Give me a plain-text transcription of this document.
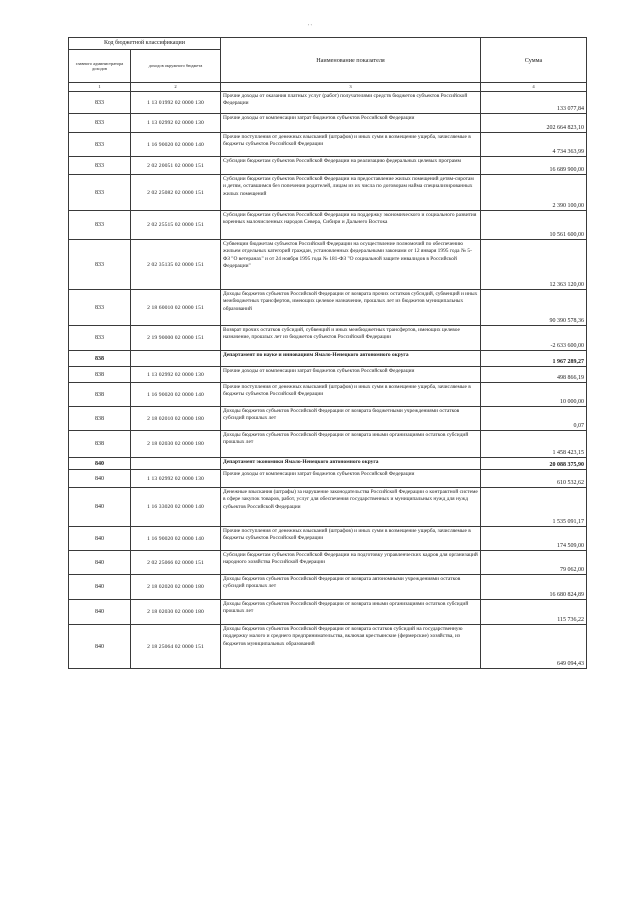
' '
Код бюджетной классификации		Наименование показателя	Сумма
главного администратора доходов	доходов окружного бюджета		
1	2	3	4
833	1 13 01992 02 0000 130	Прочие доходы от оказания платных услуг (работ) получателями средств бюджетов субъектов Российской Федерации	133 077,84
833	1 13 02992 02 0000 130	Прочие доходы от компенсации затрат бюджетов субъектов Российской Федерации	202 664 823,10
833	1 16 90020 02 0000 140	Прочие поступления от денежных взысканий (штрафов) и иных сумм в возмещение ущерба, зачисляемые в бюджеты субъектов Российской Федерации	4 734 363,99
833	2 02 20051 02 0000 151	Субсидии бюджетам субъектов Российской Федерации на реализацию федеральных целевых программ	16 689 900,00
833	2 02 25082 02 0000 151	Субсидии бюджетам субъектов Российской Федерации на предоставление жилых помещений детям-сиротам и детям, оставшимся без попечения родителей, лицам из их числа по договорам найма специализированных жилых помещений	2 390 100,00
833	2 02 25515 02 0000 151	Субсидии бюджетам субъектов Российской Федерации на поддержку экономического и социального развития коренных малочисленных народов Севера, Сибири и Дальнего Востока	10 561 600,00
833	2 02 35135 02 0000 151	Субвенции бюджетам субъектов Российской Федерации на осуществление полномочий по обеспечению жильем отдельных категорий граждан, установленных федеральными законами от 12 января 1995 года № 5-ФЗ "О ветеранах" и от 24 ноября 1995 года № 181-ФЗ "О социальной защите инвалидов в Российской Федерации"	12 363 120,00
833	2 18 60010 02 0000 151	Доходы бюджетов субъектов Российской Федерации от возврата прочих остатков субсидий, субвенций и иных межбюджетных трансфертов, имеющих целевое назначение, прошлых лет из бюджетов муниципальных образований	90 390 578,36
833	2 19 90000 02 0000 151	Возврат прочих остатков субсидий, субвенций и иных межбюджетных трансфертов, имеющих целевое назначение, прошлых лет из бюджетов субъектов Российской Федерации	-2 633 600,00
838		Департамент по науке и инновациям Ямало-Ненецкого автономного округа	1 967 289,27
838	1 13 02992 02 0000 130	Прочие доходы от компенсации затрат бюджетов субъектов Российской Федерации	498 866,19
838	1 16 90020 02 0000 140	Прочие поступления от денежных взысканий (штрафов) и иных сумм в возмещение ущерба, зачисляемые в бюджеты субъектов Российской Федерации	10 000,00
838	2 18 02010 02 0000 180	Доходы бюджетов субъектов Российской Федерации от возврата бюджетными учреждениями остатков субсидий прошлых лет	0,07
838	2 18 02030 02 0000 180	Доходы бюджетов субъектов Российской Федерации от возврата иными организациями остатков субсидий прошлых лет	1 458 423,15
840		Департамент экономики Ямало-Ненецкого автономного округа	20 088 375,90
840	1 13 02992 02 0000 130	Прочие доходы от компенсации затрат бюджетов субъектов Российской Федерации	610 532,62
840	1 16 33020 02 0000 140	Денежные взыскания (штрафы) за нарушение законодательства Российской Федерации о контрактной системе в сфере закупок товаров, работ, услуг для обеспечения государственных и муниципальных нужд для нужд субъектов Российской Федерации	1 535 091,17
840	1 16 90020 02 0000 140	Прочие поступления от денежных взысканий (штрафов) и иных сумм в возмещение ущерба, зачисляемые в бюджеты субъектов Российской Федерации	174 509,00
840	2 02 25066 02 0000 151	Субсидии бюджетам субъектов Российской Федерации на подготовку управленческих кадров для организаций народного хозяйства Российской Федерации	79 062,00
840	2 18 02020 02 0000 180	Доходы бюджетов субъектов Российской Федерации от возврата автономными учреждениями остатков субсидий прошлых лет	16 680 824,89
840	2 18 02030 02 0000 180	Доходы бюджетов субъектов Российской Федерации от возврата иными организациями остатков субсидий прошлых лет	115 736,22
840	2 18 25064 02 0000 151	Доходы бюджетов субъектов Российской Федерации от возврата остатков субсидий на государственную поддержку малого и среднего предпринимательства, включая крестьянские (фермерские) хозяйства, из бюджетов муниципальных образований	649 094,43
